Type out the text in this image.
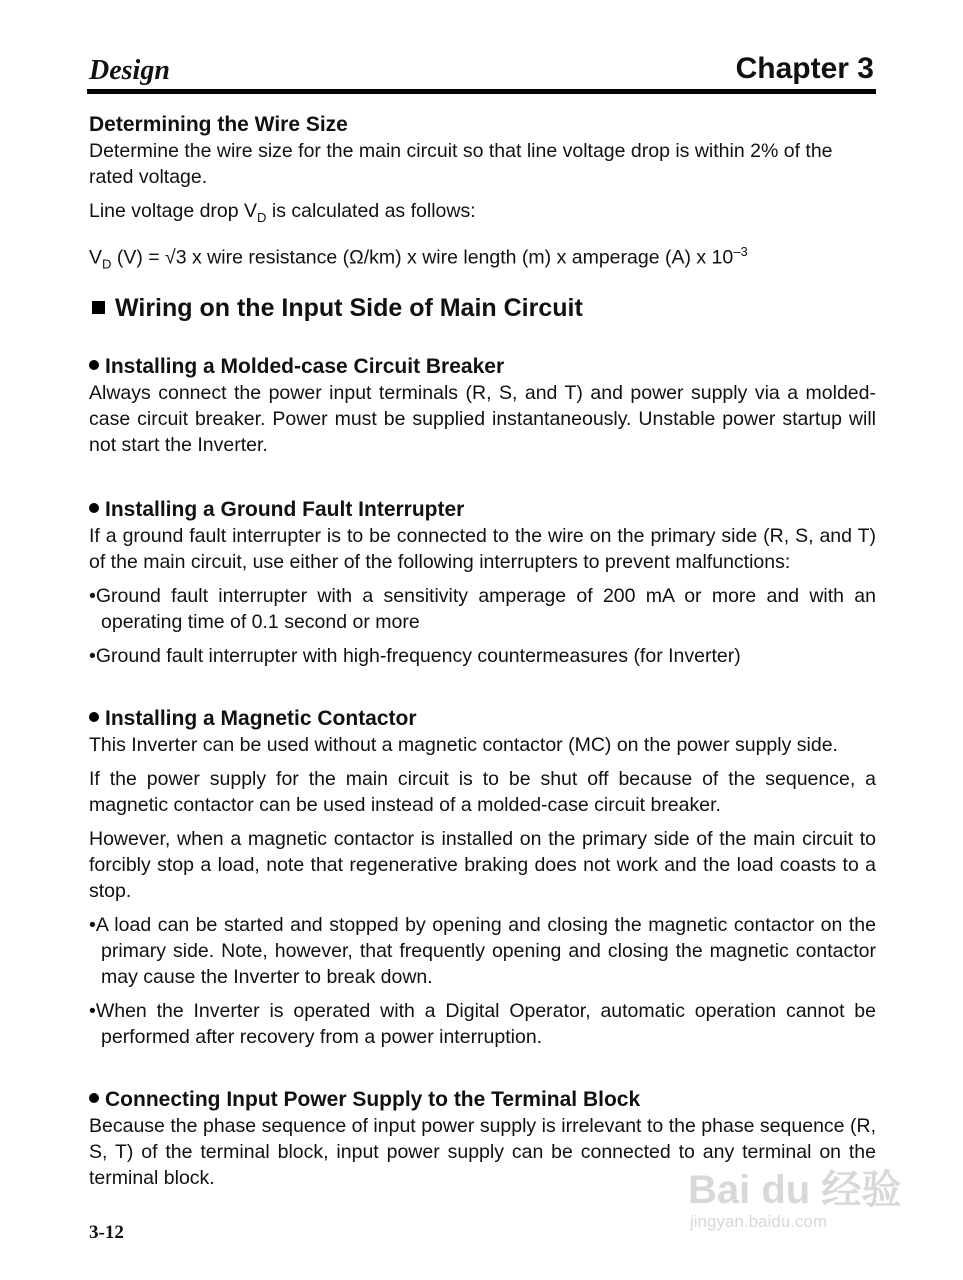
Design	Chapter 3
Determining the Wire Size
Determine the wire size for the main circuit so that line voltage drop is within 2% of the rated voltage.
Line voltage drop $V_D$ is calculated as follows:
$V_D$ (V) = √3 x wire resistance (Ω/km) x wire length (m) x amperage (A) x $10^{-3}$
Wiring on the Input Side of Main Circuit
Installing a Molded-case Circuit Breaker
Always connect the power input terminals (R, S, and T) and power supply via a molded-case circuit breaker. Power must be supplied instantaneously. Unstable power startup will not start the Inverter.
Installing a Ground Fault Interrupter
If a ground fault interrupter is to be connected to the wire on the primary side (R, S, and T) of the main circuit, use either of the following interrupters to prevent malfunctions:
•Ground fault interrupter with a sensitivity amperage of 200 mA or more and with an operating time of 0.1 second or more
•Ground fault interrupter with high-frequency countermeasures (for Inverter)
Installing a Magnetic Contactor
This Inverter can be used without a magnetic contactor (MC) on the power supply side.
If the power supply for the main circuit is to be shut off because of the sequence, a magnetic contactor can be used instead of a molded-case circuit breaker.
However, when a magnetic contactor is installed on the primary side of the main circuit to forcibly stop a load, note that regenerative braking does not work and the load coasts to a stop.
•A load can be started and stopped by opening and closing the magnetic contactor on the primary side. Note, however, that frequently opening and closing the magnetic contactor may cause the Inverter to break down.
•When the Inverter is operated with a Digital Operator, automatic operation cannot be performed after recovery from a power interruption.
Connecting Input Power Supply to the Terminal Block
Because the phase sequence of input power supply is irrelevant to the phase sequence (R, S, T) of the terminal block, input power supply can be connected to any terminal on the terminal block.
3-12
Bai du 经验
jingyan.baidu.com
